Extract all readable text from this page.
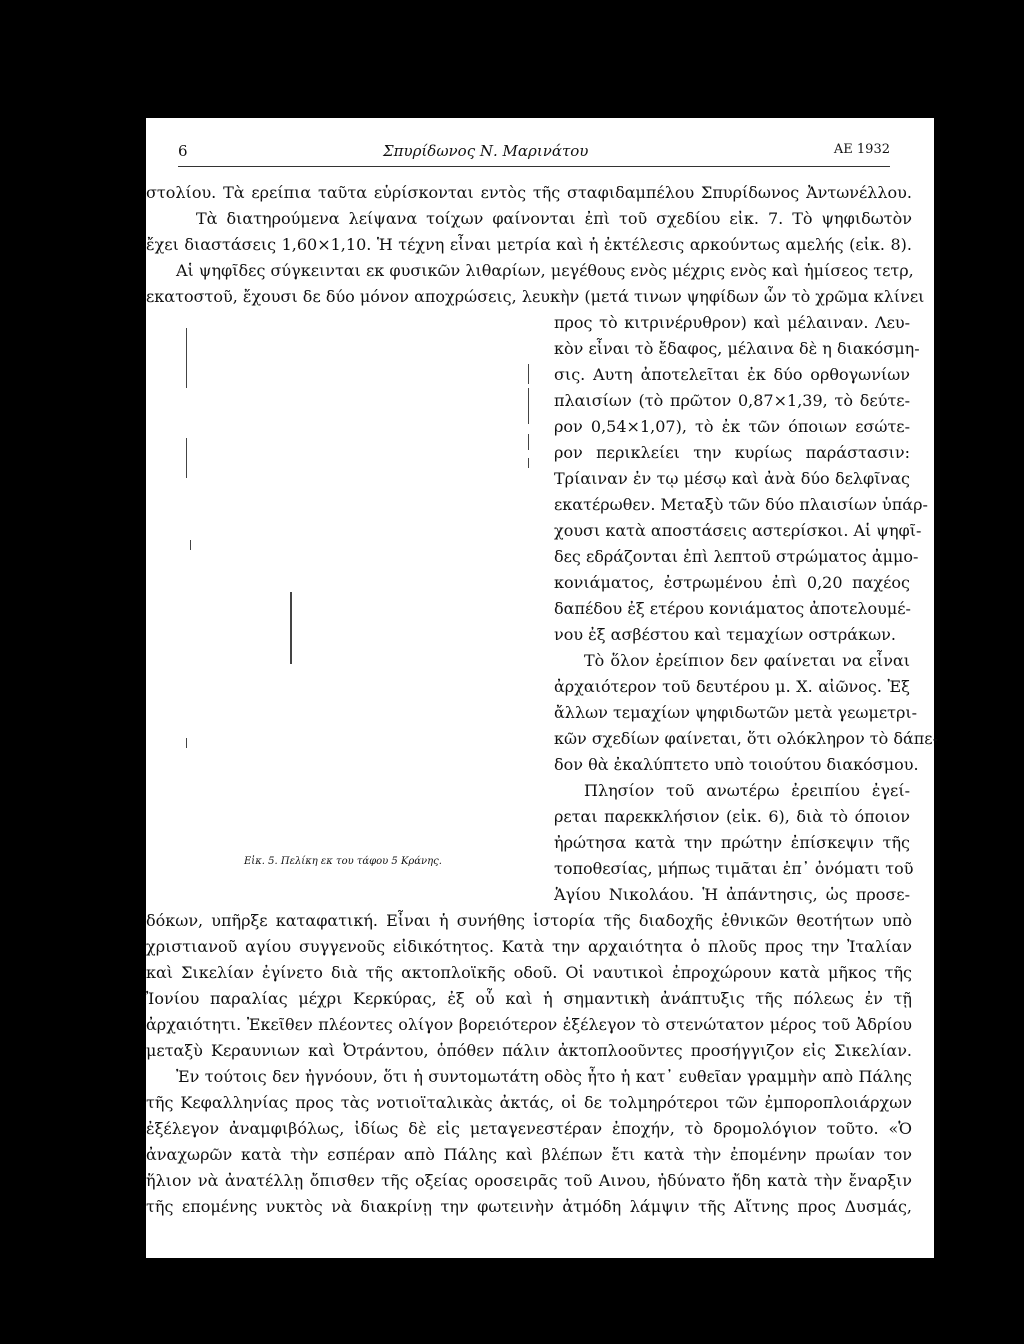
6	Σπυρίδωνος Ν. Μαρινάτου	ΑΕ 1932
Εἰκ. 5. Πελίκη εκ του τάφου 5 Κράνης.
στολίου. Τὰ ερείπια ταῦτα εὑρίσκονται εντὸς τῆς σταφιδαμπέλου Σπυρίδωνος Ἀντωνέλλου.
Τὰ διατηρούμενα λείψανα τοίχων φαίνονται ἐπὶ τοῦ σχεδίου εἰκ. 7. Τὸ ψηφιδωτὸν
ἔχει διαστάσεις 1,60×1,10. Ἡ τέχνη εἶναι μετρία καὶ ἡ ἐκτέλεσις αρκούντως αμελής (εἰκ. 8).
Αἱ ψηφῖδες σύγκεινται εκ φυσικῶν λιθαρίων, μεγέθους ενὸς μέχρις ενὸς καὶ ἡμίσεος τετρ,
εκατοστοῦ, ἔχουσι δε δύο μόνον αποχρώσεις, λευκὴν (μετά τινων ψηφίδων ὧν τὸ χρῶμα κλίνει
προς τὸ κιτρινέρυθρον) καὶ μέλαιναν. Λευ-
κὸν εἶναι τὸ ἔδαφος, μέλαινα δὲ η διακόσμη-
σις. Αυτη ἀποτελεῖται ἐκ δύο ορθογωνίων
πλαισίων (τὸ πρῶτον 0,87×1,39, τὸ δεύτε-
ρον 0,54×1,07), τὸ ἐκ τῶν όποιων εσώτε-
ρον περικλείει την κυρίως παράστασιν:
Τρίαιναν ἐν τῳ μέσῳ καὶ ἀνὰ δύο δελφῖνας
εκατέρωθεν. Μεταξὺ τῶν δύο πλαισίων ὑπάρ-
χουσι κατὰ αποστάσεις αστερίσκοι. Αἱ ψηφῖ-
δες εδράζονται ἐπὶ λεπτοῦ στρώματος ἀμμο-
κονιάματος, ἐστρωμένου ἐπὶ 0,20 παχέος
δαπέδου ἐξ ετέρου κονιάματος ἀποτελουμέ-
νου ἐξ ασβέστου καὶ τεμαχίων οστράκων.
Τὸ ὅλον ἐρείπιον δεν φαίνεται να εἶναι
ἀρχαιότερον τοῦ δευτέρου μ. Χ. αἰῶνος. Ἐξ
ἄλλων τεμαχίων ψηφιδωτῶν μετὰ γεωμετρι-
κῶν σχεδίων φαίνεται, ὅτι ολόκληρον τὸ δάπε-
δον θὰ ἐκαλύπτετο υπὸ τοιούτου διακόσμου.
Πλησίον τοῦ ανωτέρω ἐρειπίου ἐγεί-
ρεται παρεκκλήσιον (εἰκ. 6), διὰ τὸ όποιον
ἠρώτησα κατὰ την πρώτην ἐπίσκεψιν τῆς
τοποθεσίας, μήπως τιμᾶται ἐπ᾽ ὀνόματι τοῦ
Ἁγίου Νικολάου. Ἡ ἀπάντησις, ὡς προσε-
δόκων, υπῆρξε καταφατική. Εἶναι ἡ συνήθης ἱστορία τῆς διαδοχῆς ἐθνικῶν θεοτήτων υπὸ
χριστιανοῦ αγίου συγγενοῦς εἰδικότητος. Κατὰ την αρχαιότητα ὁ πλοῦς προς την Ἰταλίαν
καὶ Σικελίαν ἐγίνετο διὰ τῆς ακτοπλοϊκῆς οδοῦ. Οἱ ναυτικοὶ ἐπροχώρουν κατὰ μῆκος τῆς
Ἰονίου παραλίας μέχρι Κερκύρας, ἐξ οὗ καὶ ἡ σημαντικὴ ἀνάπτυξις τῆς πόλεως ἐν τῇ
ἀρχαιότητι. Ἐκεῖθεν πλέοντες ολίγον βορειότερον ἐξέλεγον τὸ στενώτατον μέρος τοῦ Ἀδρίου
μεταξὺ Κεραυνιων καὶ Ὀτράντου, ὁπόθεν πάλιν ἀκτοπλοοῦντες προσήγγιζον εἰς Σικελίαν.
Ἐν τούτοις δεν ἠγνόουν, ὅτι ἡ συντομωτάτη οδὸς ἦτο ἡ κατ᾽ ευθεῖαν γραμμὴν απὸ Πάλης
τῆς Κεφαλληνίας προς τὰς νοτιοϊταλικὰς ἀκτάς, οἱ δε τολμηρότεροι τῶν ἐμποροπλοιάρχων
ἐξέλεγον ἀναμφιβόλως, ἰδίως δὲ εἰς μεταγενεστέραν ἐποχήν, τὸ δρομολόγιον τοῦτο. «Ὁ
ἀναχωρῶν κατὰ τὴν εσπέραν απὸ Πάλης καὶ βλέπων ἔτι κατὰ τὴν ἐπομένην πρωίαν τον
ἥλιον νὰ ἀνατέλλῃ ὄπισθεν τῆς οξείας οροσειρᾶς τοῦ Αινου, ἠδύνατο ἤδη κατὰ τὴν ἔναρξιν
τῆς επομένης νυκτὸς νὰ διακρίνῃ την φωτεινὴν ἀτμόδη λάμψιν τῆς Αἴτνης προς Δυσμάς,
